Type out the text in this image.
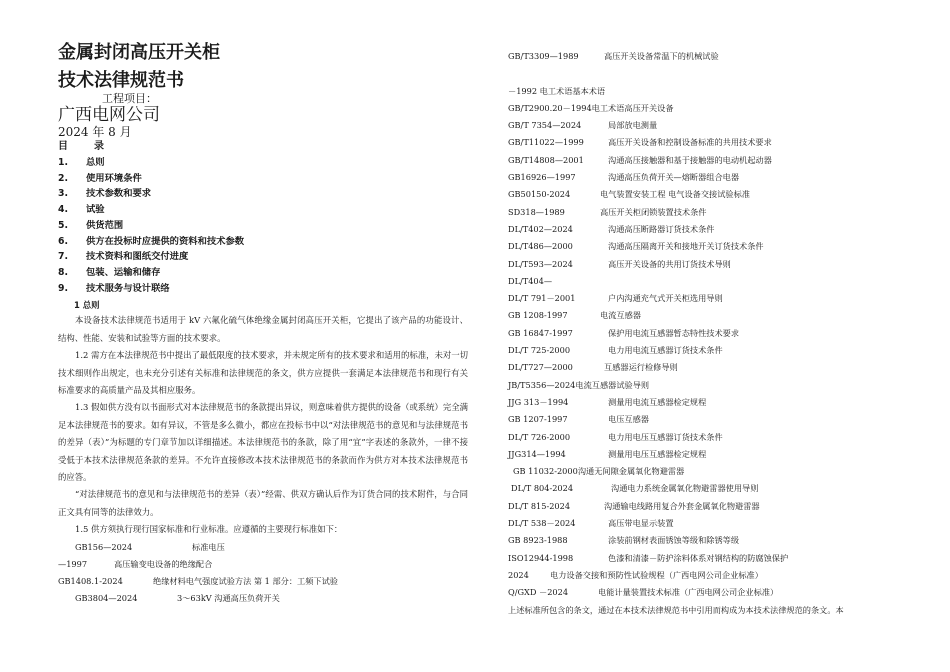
金属封闭高压开关柜

技术法律规范书

工程项目：

广西电网公司

2024 年 8 月

目	录

1. 总则
2. 使用环境条件
3. 技术参数和要求
4. 试验
5. 供货范围
6. 供方在投标时应提供的资料和技术参数
7. 技术资料和图纸交付进度
8. 包装、运输和储存
9. 技术服务与设计联络

1 总则

本设备技术法律规范书适用于 kV 六氟化硫气体绝缘金属封闭高压开关柜，它提出了该产品的功能设计、结构、性能、安装和试验等方面的技术要求。

1.2 需方在本法律规范书中提出了最低限度的技术要求，并未规定所有的技术要求和适用的标准，未对一切技术细则作出规定，也未充分引述有关标准和法律规范的条文，供方应提供一套满足本法律规范书和现行有关标准要求的高质量产品及其相应服务。

1.3 假如供方没有以书面形式对本法律规范书的条款提出异议，则意味着供方提供的设备（或系统）完全满足本法律规范书的要求。如有异议，不管是多么微小，都应在投标书中以“对法律规范书的意见和与法律规范书的差异（表）”为标题的专门章节加以详细描述。本法律规范书的条款，除了用“宜”字表述的条款外，一律不接受低于本技术法律规范条款的差异。不允许直接修改本技术法律规范书的条款而作为供方对本技术法律规范书的应答。

“对法律规范书的意见和与法律规范书的差异（表）”经需、供双方确认后作为订货合同的技术附件，与合同正文具有同等的法律效力。

1.5 供方须执行现行国家标准和行业标准。应遵循的主要现行标准如下：

GB156—2024	标准电压

—1997	高压输变电设备的绝缘配合

GB1408.1-2024	绝缘材料电气强度试验方法 第 1 部分：工频下试验

GB3804—2024	3～63kV 沟通高压负荷开关

GB/T3309—1989	高压开关设备常温下的机械试验

－1992 电工术语基本术语

GB/T2900.20－1994电工术语高压开关设备

GB/T 7354—2024	局部放电测量

GB/T11022—1999	高压开关设备和控制设备标准的共用技术要求

GB/T14808—2001	沟通高压接触器和基于接触器的电动机起动器

GB16926—1997	沟通高压负荷开关—熔断器组合电器

GB50150-2024	电气装置安装工程 电气设备交接试验标准

SD318—1989	高压开关柜闭锁装置技术条件

DL/T402—2024	沟通高压断路器订货技术条件

DL/T486—2000	沟通高压隔离开关和接地开关订货技术条件

DL/T593—2024	高压开关设备的共用订货技术导则

DL/T404—

DL/T 791－2001	户内沟通充气式开关柜选用导则

GB 1208-1997	电流互感器

GB 16847-1997	保护用电流互感器暂态特性技术要求

DL/T 725-2000	电力用电流互感器订货技术条件

DL/T727—2000	互感器运行检修导则

JB/T5356—2024电流互感器试验导则

JJG 313－1994	测量用电流互感器检定规程

GB 1207-1997	电压互感器

DL/T 726-2000	电力用电压互感器订货技术条件

JJG314—1994	测量用电压互感器检定规程

GB 11032-2000沟通无间隙金属氧化物避雷器

DL/T 804-2024	沟通电力系统金属氧化物避雷器使用导则

DL/T 815-2024	沟通输电线路用复合外套金属氧化物避雷器

DL/T 538－2024	高压带电显示装置

GB 8923-1988	涂装前钢材表面锈蚀等级和除锈等级

ISO12944-1998	色漆和清漆－防护涂料体系对钢结构的防腐蚀保护

2024	电力设备交接和预防性试验规程（广西电网公司企业标准）

Q/GXD －2024	电能计量装置技术标准（广西电网公司企业标准）

上述标准所包含的条文，通过在本技术法律规范书中引用而构成为本技术法律规范的条文。本
